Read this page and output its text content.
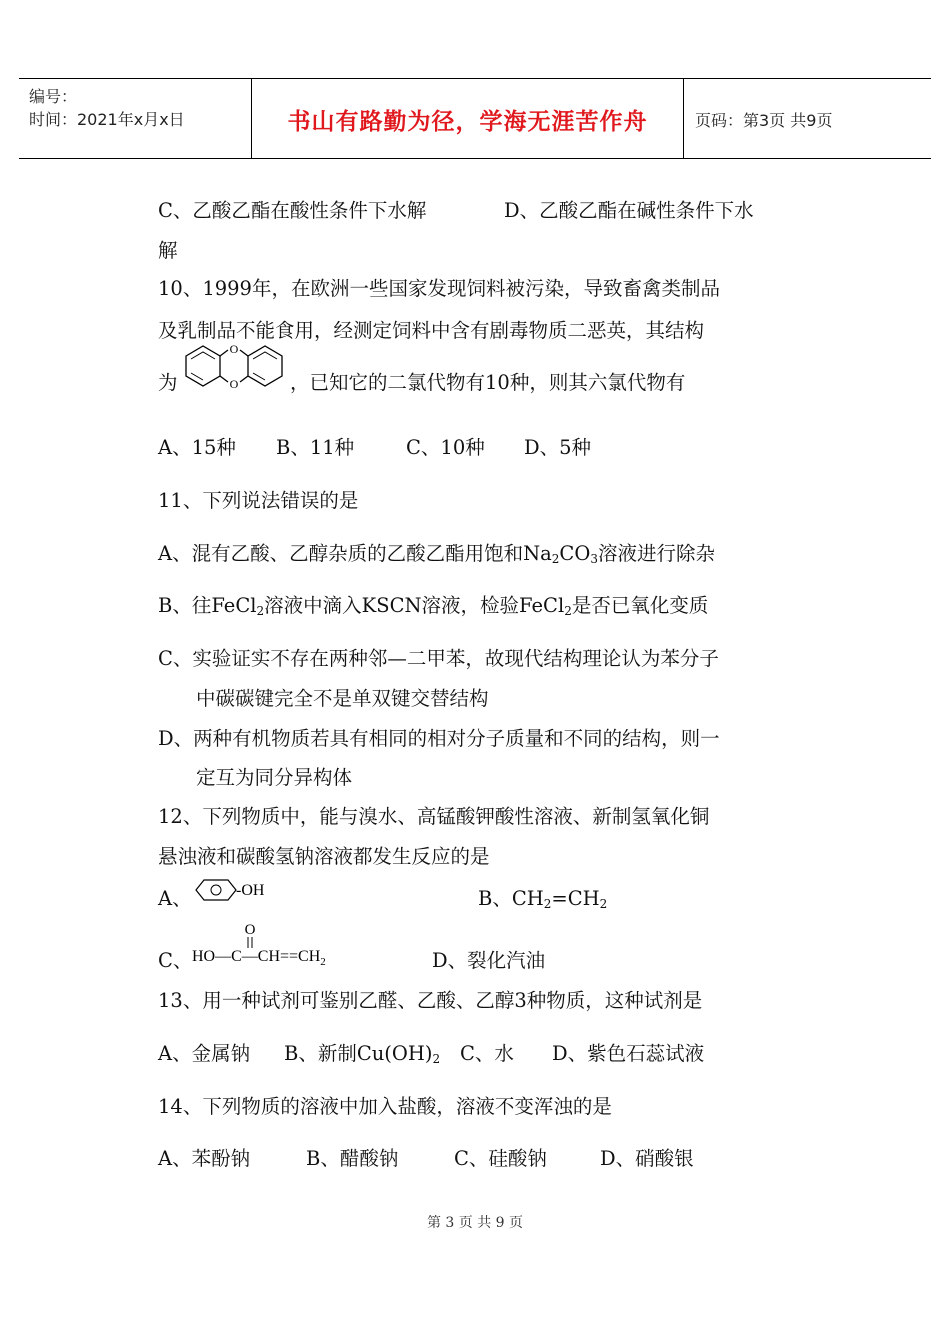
编号：
时间：2021年x月x日	书山有路勤为径，学海无涯苦作舟	页码：第3页 共9页
C、乙酸乙酯在酸性条件下水解	D、乙酸乙酯在碱性条件下水
解
10、1999年，在欧洲一些国家发现饲料被污染，导致畜禽类制品
及乳制品不能食用，经测定饲料中含有剧毒物质二恶英，其结构
为
O
O	，已知它的二氯代物有10种，则其六氯代物有
A、15种 B、11种	C、10种 D、5种
11、下列说法错误的是
A、混有乙酸、乙醇杂质的乙酸乙酯用饱和$Na_2CO_3$溶液进行除杂
B、往FeCl$_2$溶液中滴入KSCN溶液，检验FeCl$_2$是否已氧化变质
C、实验证实不存在两种邻—二甲苯，故现代结构理论认为苯分子
中碳碳键完全不是单双键交替结构
D、两种有机物质若具有相同的相对分子质量和不同的结构，则一
定互为同分异构体
12、下列物质中，能与溴水、高锰酸钾酸性溶液、新制氢氧化铜
悬浊液和碳酸氢钠溶液都发生反应的是
A、	-OH	B、$CH_2=CH_2$
C、
O
$HO—C—CH==CH_2$	D、裂化汽油
13、用一种试剂可鉴别乙醛、乙酸、乙醇3种物质，这种试剂是
A、金属钠 B、新制$Cu(OH)_2$ C、水 D、紫色石蕊试液
14、下列物质的溶液中加入盐酸，溶液不变浑浊的是
A、苯酚钠	B、醋酸钠	C、硅酸钠	D、硝酸银
第 3 页 共 9 页
